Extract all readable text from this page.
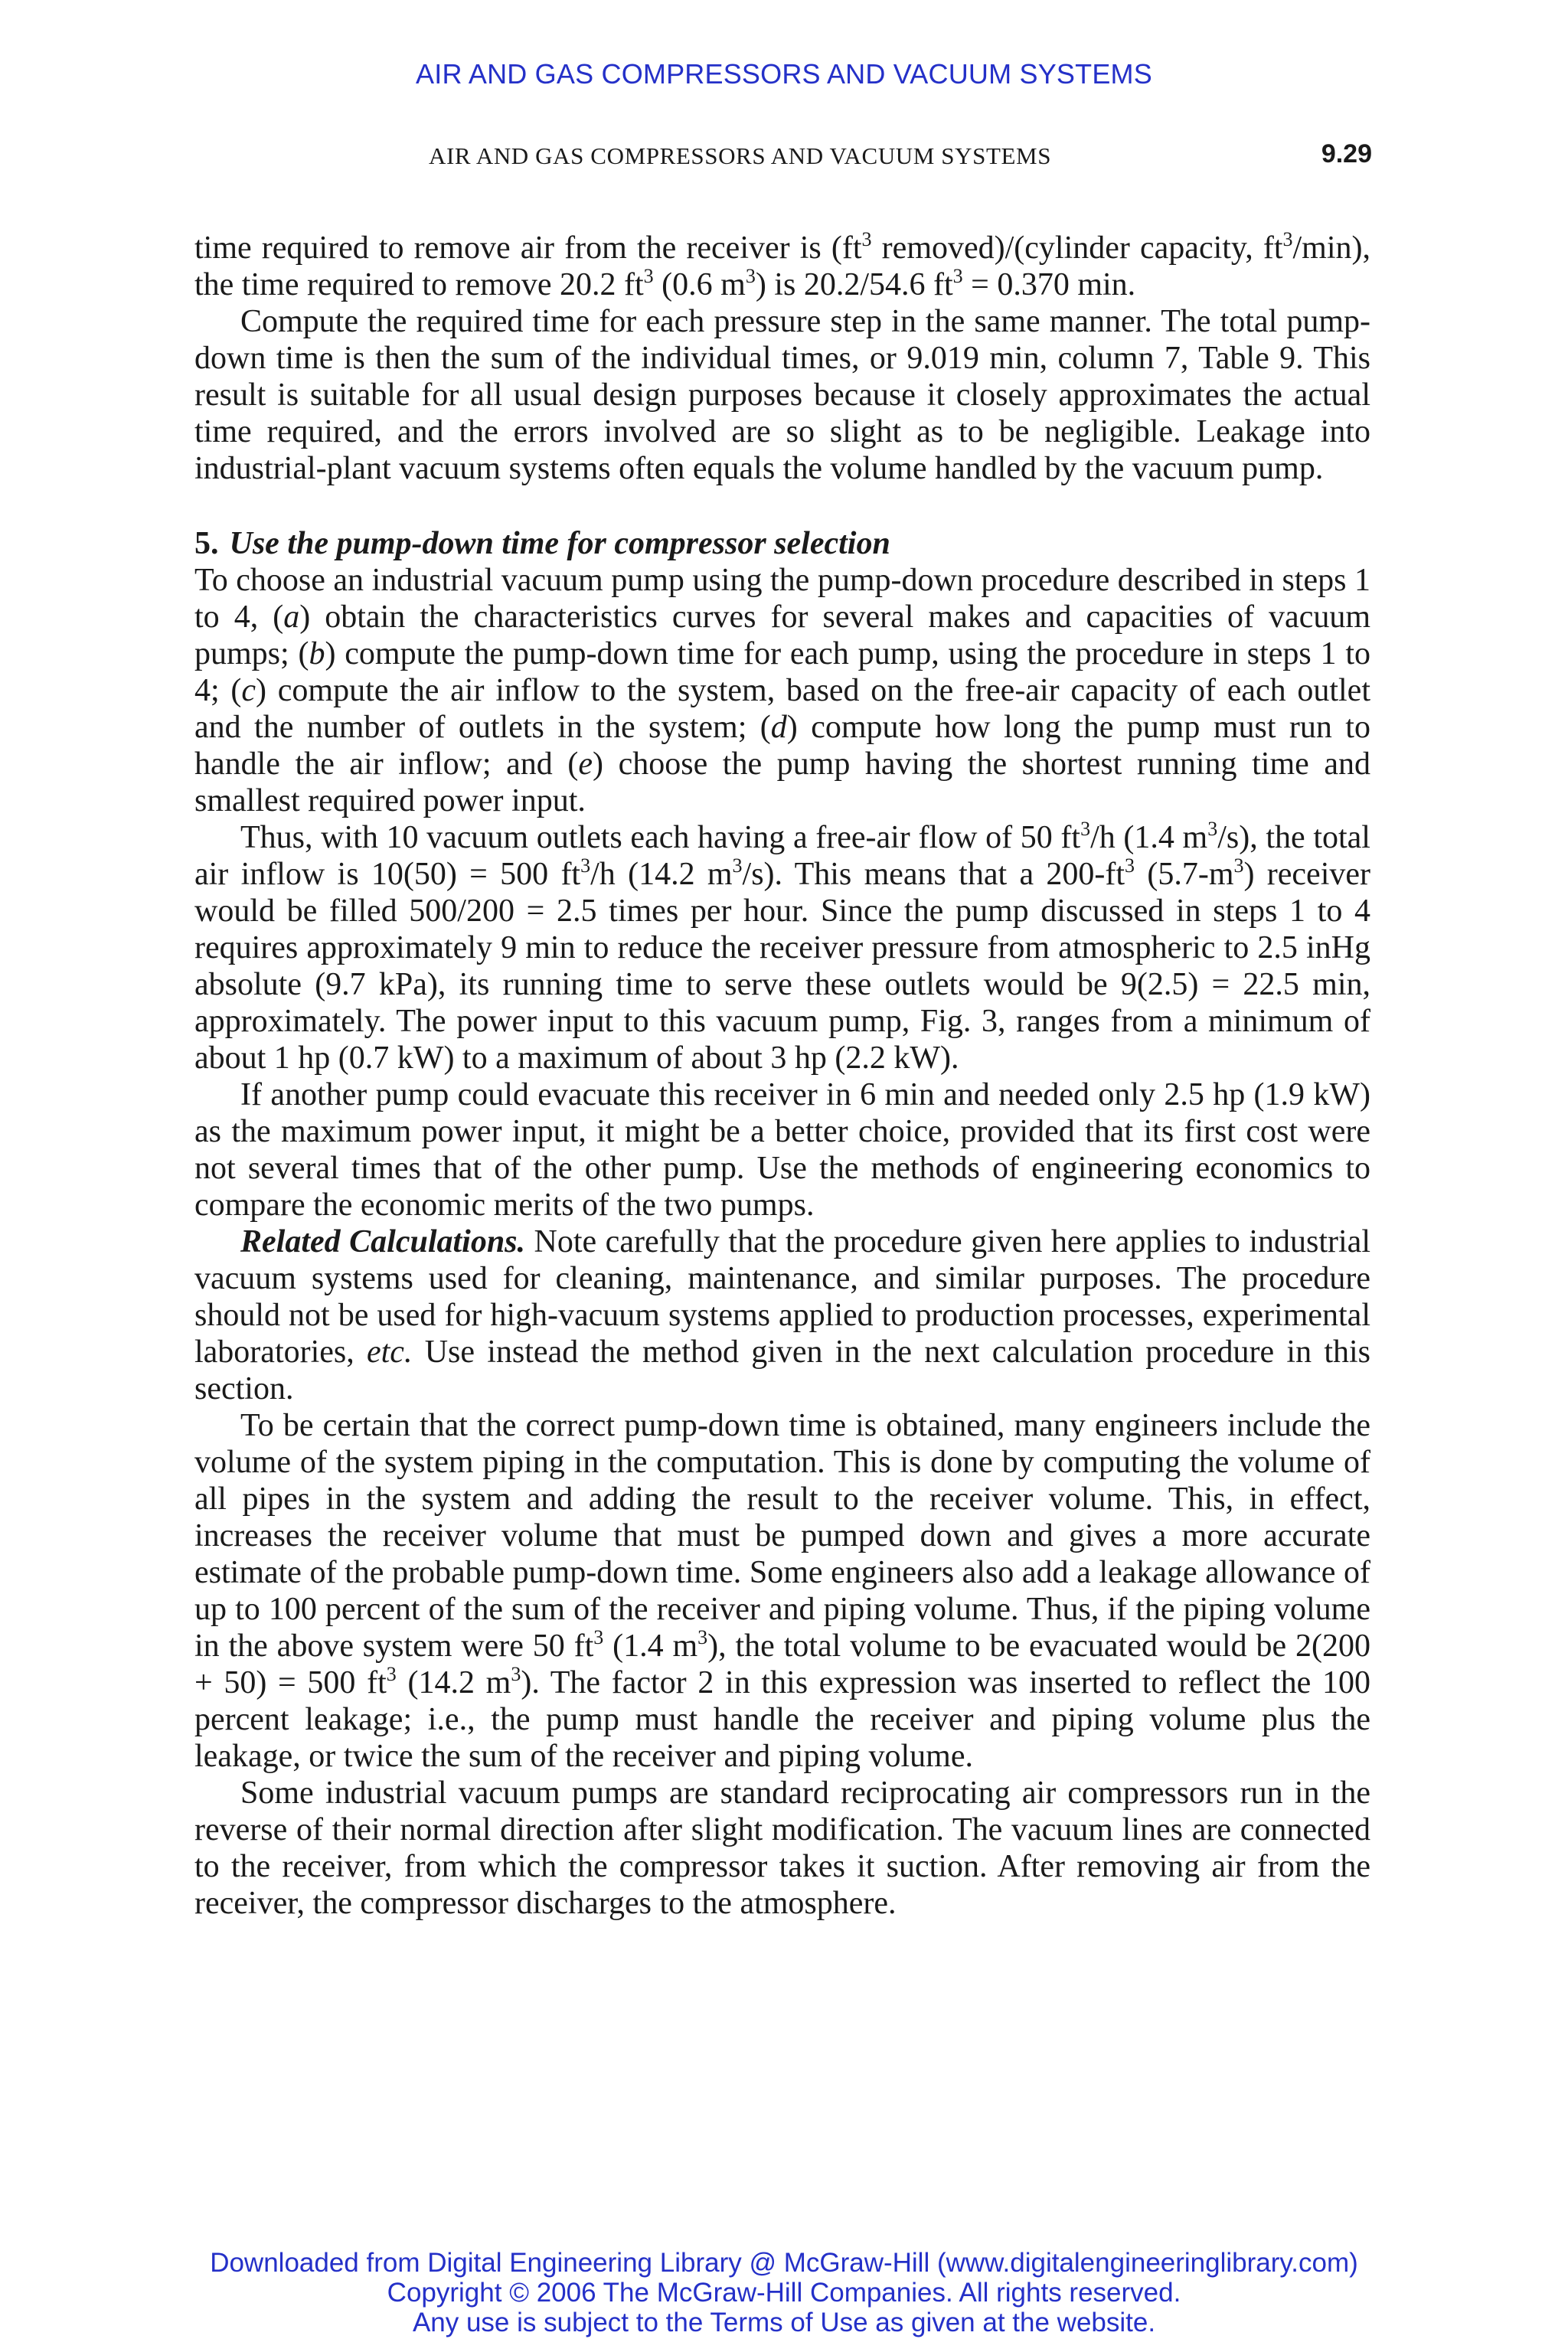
AIR AND GAS COMPRESSORS AND VACUUM SYSTEMS
AIR AND GAS COMPRESSORS AND VACUUM SYSTEMS	9.29

time required to remove air from the receiver is ($ft^3$ removed)/(cylinder capacity, $ft^3/\min$), the time required to remove 20.2 $ft^3$ (0.6 $m^3$) is 20.2/54.6 $ft^3 = 0.370$ min.

Compute the required time for each pressure step in the same manner. The total pump-down time is then the sum of the individual times, or 9.019 min, column 7, Table 9. This result is suitable for all usual design purposes because it closely approximates the actual time required, and the errors involved are so slight as to be negligible. Leakage into industrial-plant vacuum systems often equals the volume handled by the vacuum pump.

5. Use the pump-down time for compressor selection

To choose an industrial vacuum pump using the pump-down procedure described in steps 1 to 4, (a) obtain the characteristics curves for several makes and capacities of vacuum pumps; (b) compute the pump-down time for each pump, using the procedure in steps 1 to 4; (c) compute the air inflow to the system, based on the free-air capacity of each outlet and the number of outlets in the system; (d) compute how long the pump must run to handle the air inflow; and (e) choose the pump having the shortest running time and smallest required power input.

Thus, with 10 vacuum outlets each having a free-air flow of 50 $ft^3/h$ (1.4 $m^3/s$), the total air inflow is 10(50) = 500 $ft^3/h$ (14.2 $m^3/s$). This means that a $200-ft^3$ $(5.7-m^3)$ receiver would be filled 500/200 = 2.5 times per hour. Since the pump discussed in steps 1 to 4 requires approximately 9 min to reduce the receiver pressure from atmospheric to 2.5 inHg absolute (9.7 kPa), its running time to serve these outlets would be 9(2.5) = 22.5 min, approximately. The power input to this vacuum pump, Fig. 3, ranges from a minimum of about 1 hp (0.7 kW) to a maximum of about 3 hp (2.2 kW).

If another pump could evacuate this receiver in 6 min and needed only 2.5 hp (1.9 kW) as the maximum power input, it might be a better choice, provided that its first cost were not several times that of the other pump. Use the methods of engineering economics to compare the economic merits of the two pumps.

Related Calculations. Note carefully that the procedure given here applies to industrial vacuum systems used for cleaning, maintenance, and similar purposes. The procedure should not be used for high-vacuum systems applied to production processes, experimental laboratories, etc. Use instead the method given in the next calculation procedure in this section.

To be certain that the correct pump-down time is obtained, many engineers include the volume of the system piping in the computation. This is done by computing the volume of all pipes in the system and adding the result to the receiver volume. This, in effect, increases the receiver volume that must be pumped down and gives a more accurate estimate of the probable pump-down time. Some engineers also add a leakage allowance of up to 100 percent of the sum of the receiver and piping volume. Thus, if the piping volume in the above system were 50 $ft^3$ (1.4 $m^3$), the total volume to be evacuated would be 2(200 + 50) = 500 $ft^3$ (14.2 $m^3$). The factor 2 in this expression was inserted to reflect the 100 percent leakage; i.e., the pump must handle the receiver and piping volume plus the leakage, or twice the sum of the receiver and piping volume.

Some industrial vacuum pumps are standard reciprocating air compressors run in the reverse of their normal direction after slight modification. The vacuum lines are connected to the receiver, from which the compressor takes it suction. After removing air from the receiver, the compressor discharges to the atmosphere.

Downloaded from Digital Engineering Library @ McGraw-Hill (www.digitalengineeringlibrary.com)
Copyright © 2006 The McGraw-Hill Companies. All rights reserved.
Any use is subject to the Terms of Use as given at the website.
